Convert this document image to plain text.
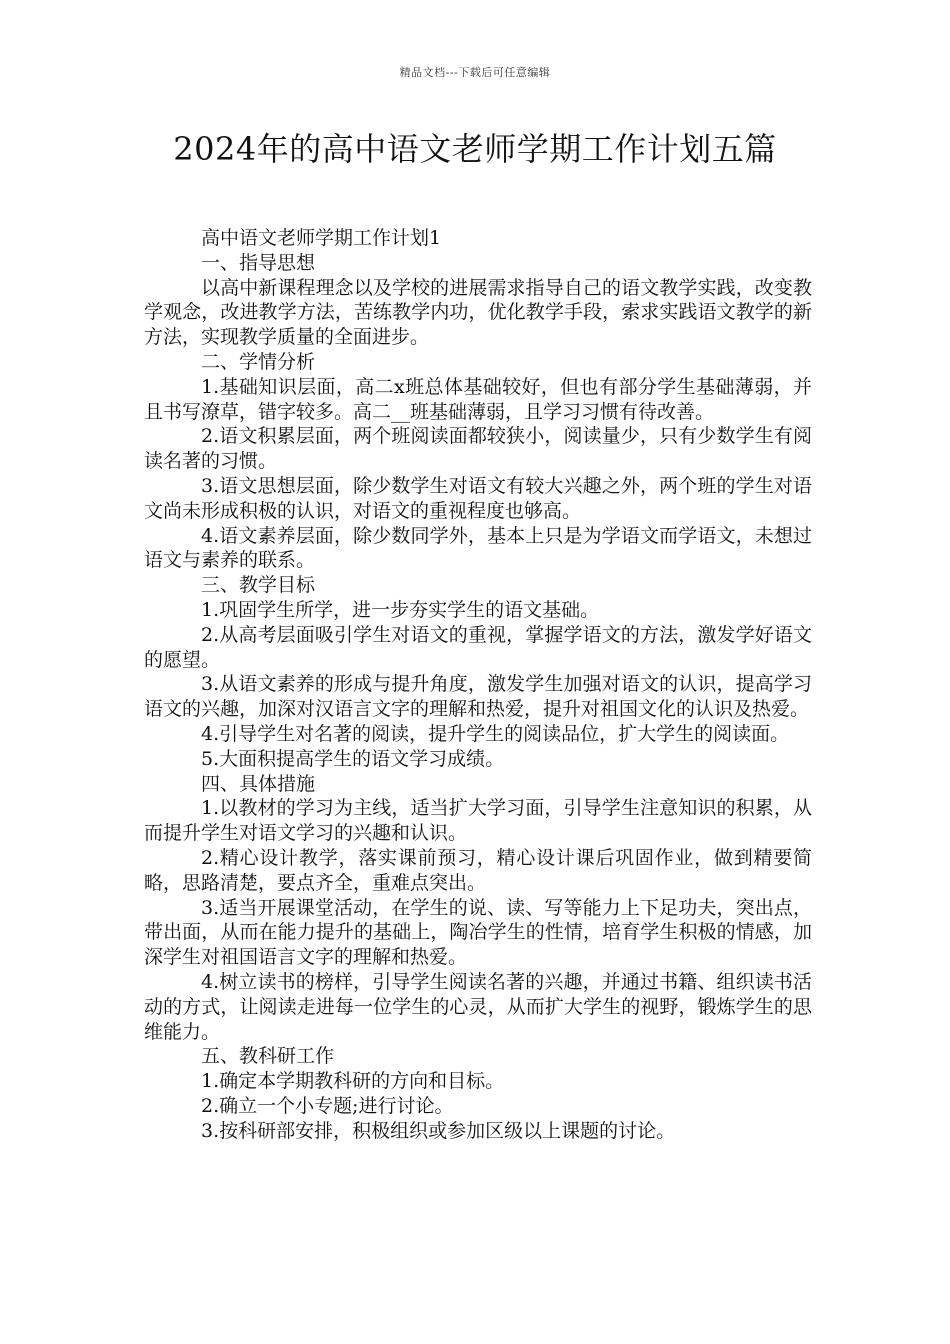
精品文档---下载后可任意编辑
2024年的高中语文老师学期工作计划五篇

高中语文老师学期工作计划1

一、指导思想

以高中新课程理念以及学校的进展需求指导自己的语文教学实践，改变教学观念，改进教学方法，苦练教学内功，优化教学手段，索求实践语文教学的新方法，实现教学质量的全面进步。

二、学情分析

1.基础知识层面，高二x班总体基础较好，但也有部分学生基础薄弱，并且书写潦草，错字较多。高二__班基础薄弱，且学习习惯有待改善。

2.语文积累层面，两个班阅读面都较狭小，阅读量少，只有少数学生有阅读名著的习惯。

3.语文思想层面，除少数学生对语文有较大兴趣之外，两个班的学生对语文尚未形成积极的认识，对语文的重视程度也够高。

4.语文素养层面，除少数同学外，基本上只是为学语文而学语文，未想过语文与素养的联系。

三、教学目标

1.巩固学生所学，进一步夯实学生的语文基础。

2.从高考层面吸引学生对语文的重视，掌握学语文的方法，激发学好语文的愿望。

3.从语文素养的形成与提升角度，激发学生加强对语文的认识，提高学习语文的兴趣，加深对汉语言文字的理解和热爱，提升对祖国文化的认识及热爱。

4.引导学生对名著的阅读，提升学生的阅读品位，扩大学生的阅读面。

5.大面积提高学生的语文学习成绩。

四、具体措施

1.以教材的学习为主线，适当扩大学习面，引导学生注意知识的积累，从而提升学生对语文学习的兴趣和认识。

2.精心设计教学，落实课前预习，精心设计课后巩固作业，做到精要简略，思路清楚，要点齐全，重难点突出。

3.适当开展课堂活动，在学生的说、读、写等能力上下足功夫，突出点，带出面，从而在能力提升的基础上，陶冶学生的性情，培育学生积极的情感，加深学生对祖国语言文字的理解和热爱。

4.树立读书的榜样，引导学生阅读名著的兴趣，并通过书籍、组织读书活动的方式，让阅读走进每一位学生的心灵，从而扩大学生的视野，锻炼学生的思维能力。

五、教科研工作

1.确定本学期教科研的方向和目标。

2.确立一个小专题;进行讨论。

3.按科研部安排，积极组织或参加区级以上课题的讨论。
